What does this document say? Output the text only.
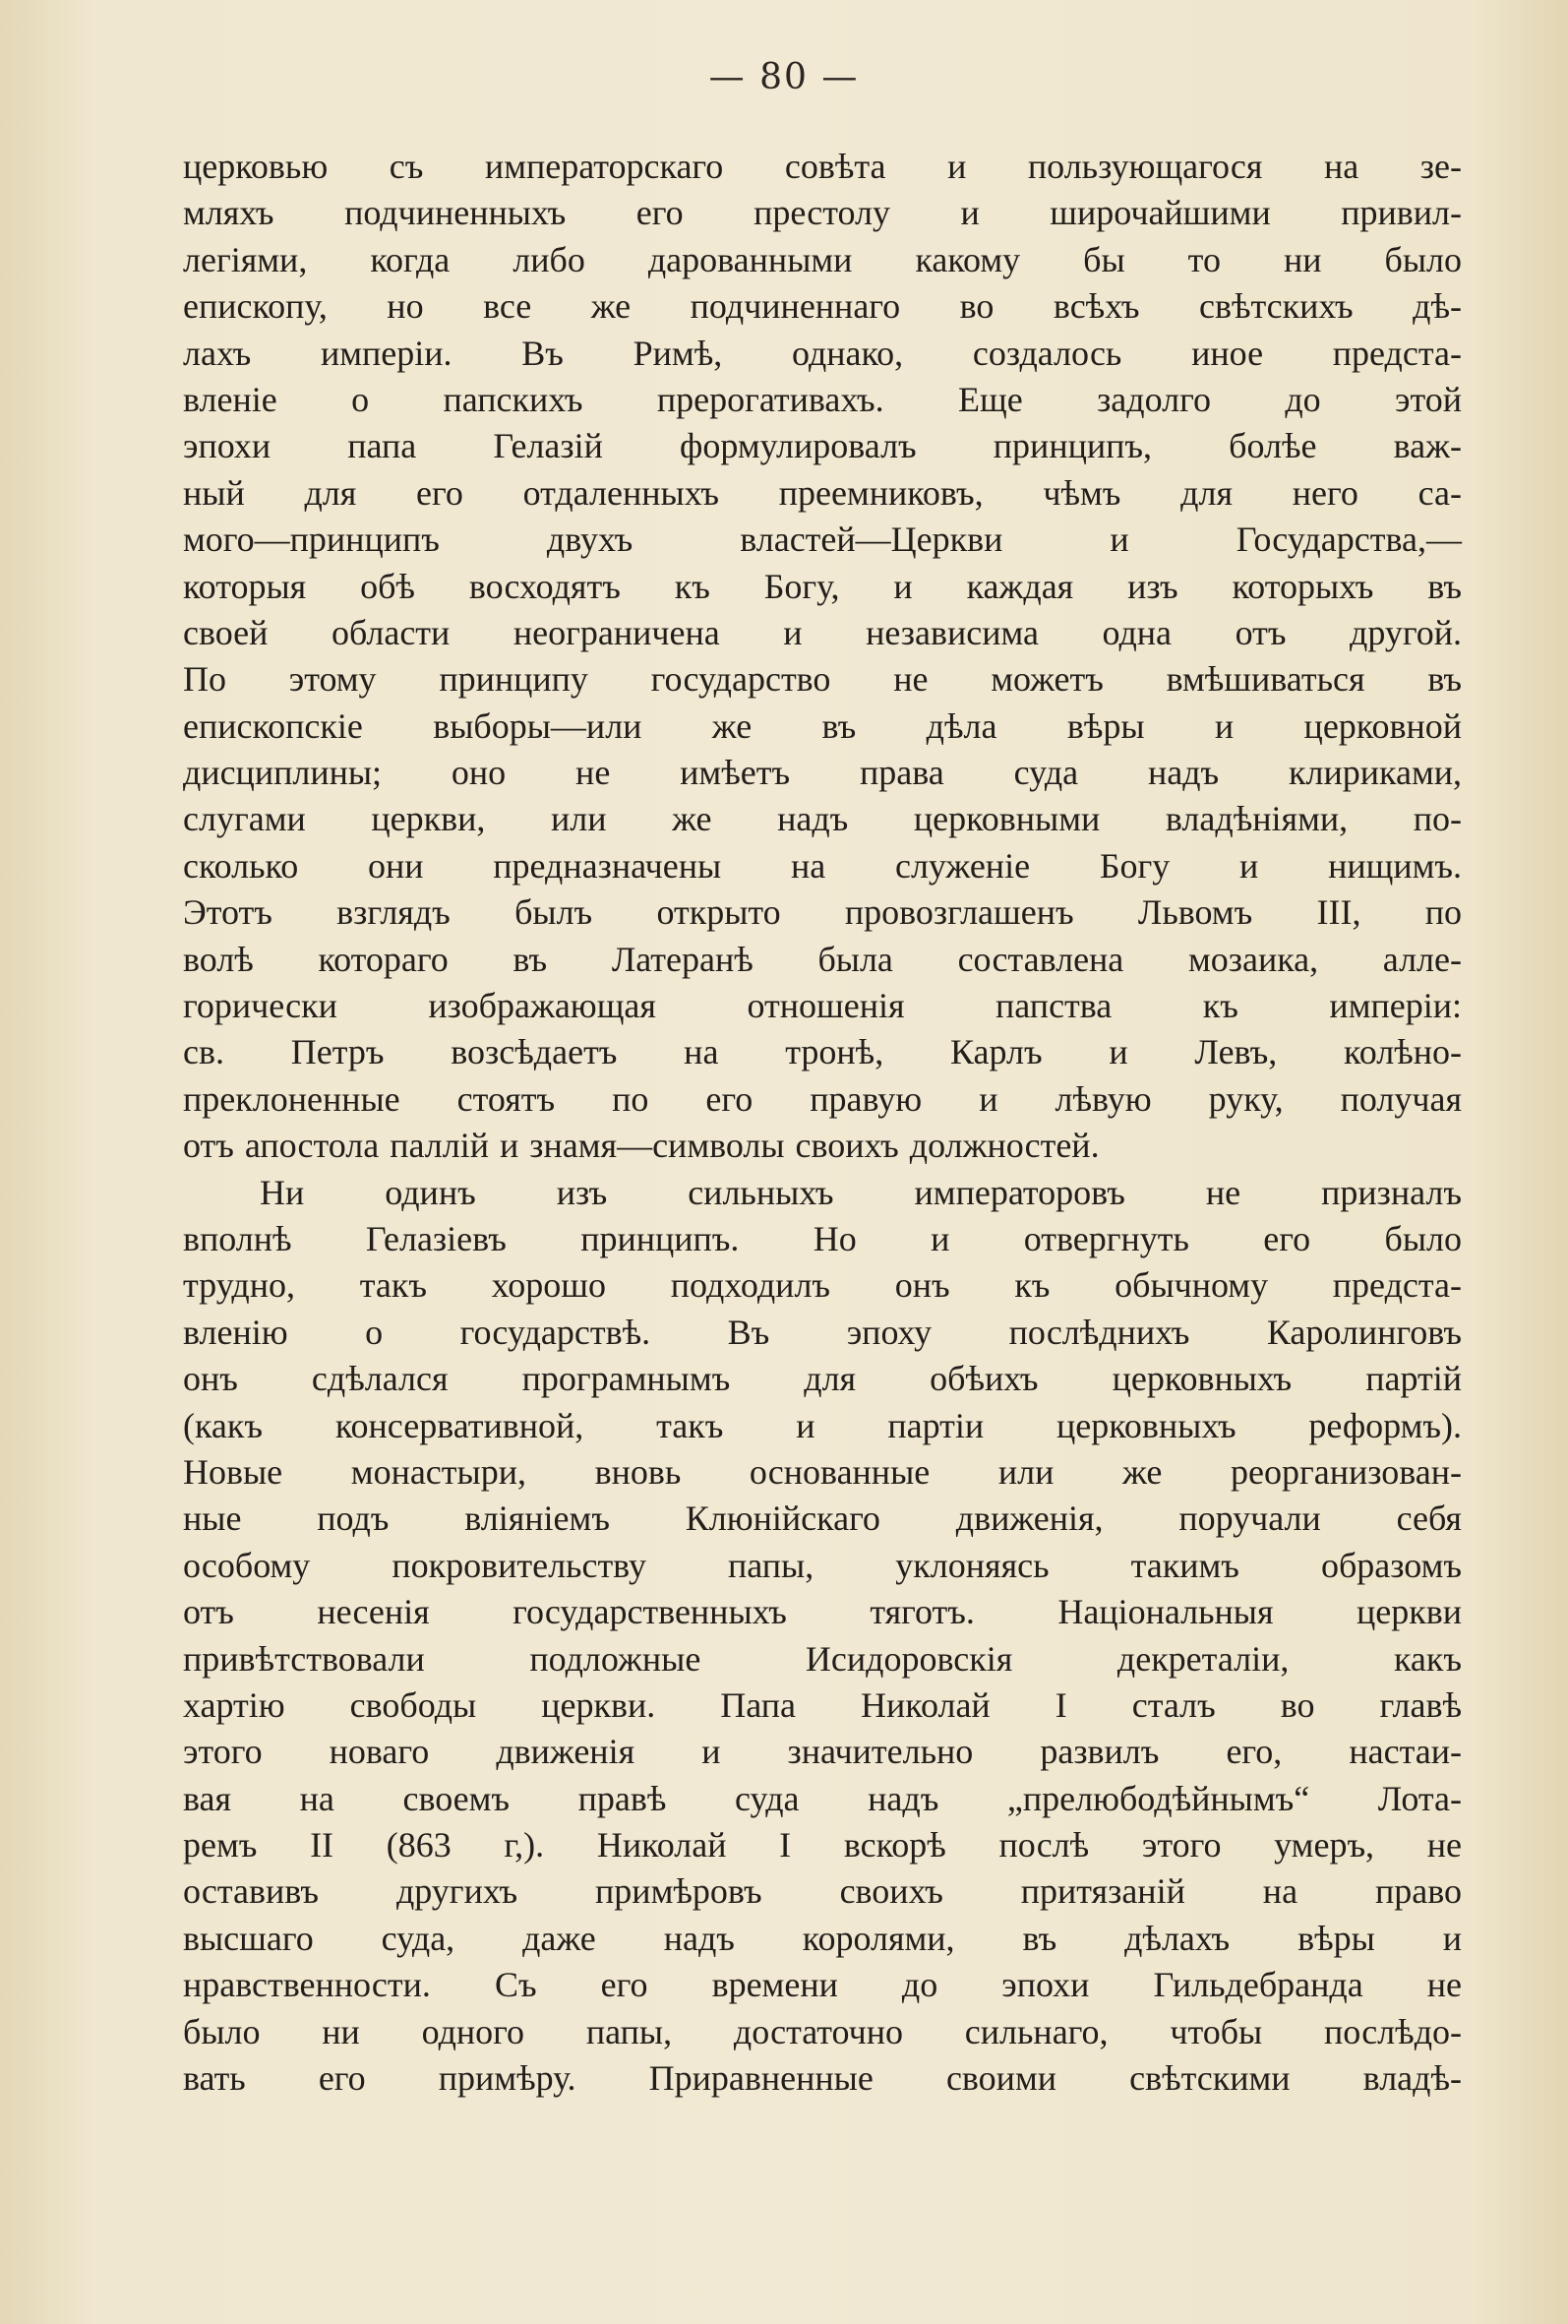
— 80 —
церковью съ императорскаго совѣта и пользующагося на зе-
мляхъ подчиненныхъ его престолу и широчайшими привил-
легіями, когда либо дарованными какому бы то ни было
епископу, но все же подчиненнаго во всѣхъ свѣтскихъ дѣ-
лахъ имперіи. Въ Римѣ, однако, создалось иное предста-
вленіе о папскихъ прерогативахъ. Еще задолго до этой
эпохи папа Гелазій формулировалъ принципъ, болѣе важ-
ный для его отдаленныхъ преемниковъ, чѣмъ для него са-
мого—принципъ двухъ властей—Церкви и Государства,—
которыя обѣ восходятъ къ Богу, и каждая изъ которыхъ въ
своей области неограничена и независима одна отъ другой.
По этому принципу государство не можетъ вмѣшиваться въ
епископскіе выборы—или же въ дѣла вѣры и церковной
дисциплины; оно не имѣетъ права суда надъ клириками,
слугами церкви, или же надъ церковными владѣніями, по-
сколько они предназначены на служеніе Богу и нищимъ.
Этотъ взглядъ былъ открыто провозглашенъ Львомъ III, по
волѣ котораго въ Латеранѣ была составлена мозаика, алле-
горически изображающая отношенія папства къ имперіи:
св. Петръ возсѣдаетъ на тронѣ, Карлъ и Левъ, колѣно-
преклоненные стоятъ по его правую и лѣвую руку, получая
отъ апостола паллій и знамя—символы своихъ должностей.
Ни одинъ изъ сильныхъ императоровъ не призналъ
вполнѣ Гелазіевъ принципъ. Но и отвергнуть его было
трудно, такъ хорошо подходилъ онъ къ обычному предста-
вленію о государствѣ. Въ эпоху послѣднихъ Каролинговъ
онъ сдѣлался програмнымъ для обѣихъ церковныхъ партій
(какъ консервативной, такъ и партіи церковныхъ реформъ).
Новые монастыри, вновь основанные или же реорганизован-
ные подъ вліяніемъ Клюнійскаго движенія, поручали себя
особому покровительству папы, уклоняясь такимъ образомъ
отъ несенія государственныхъ тяготъ. Національныя церкви
привѣтствовали подложные Исидоровскія декреталіи, какъ
хартію свободы церкви. Папа Николай I сталъ во главѣ
этого новаго движенія и значительно развилъ его, настаи-
вая на своемъ правѣ суда надъ „прелюбодѣйнымъ“ Лота-
ремъ II (863 г,). Николай I вскорѣ послѣ этого умеръ, не
оставивъ другихъ примѣровъ своихъ притязаній на право
высшаго суда, даже надъ королями, въ дѣлахъ вѣры и
нравственности. Съ его времени до эпохи Гильдебранда не
было ни одного папы, достаточно сильнаго, чтобы послѣдо-
вать его примѣру. Приравненные своими свѣтскими владѣ-
